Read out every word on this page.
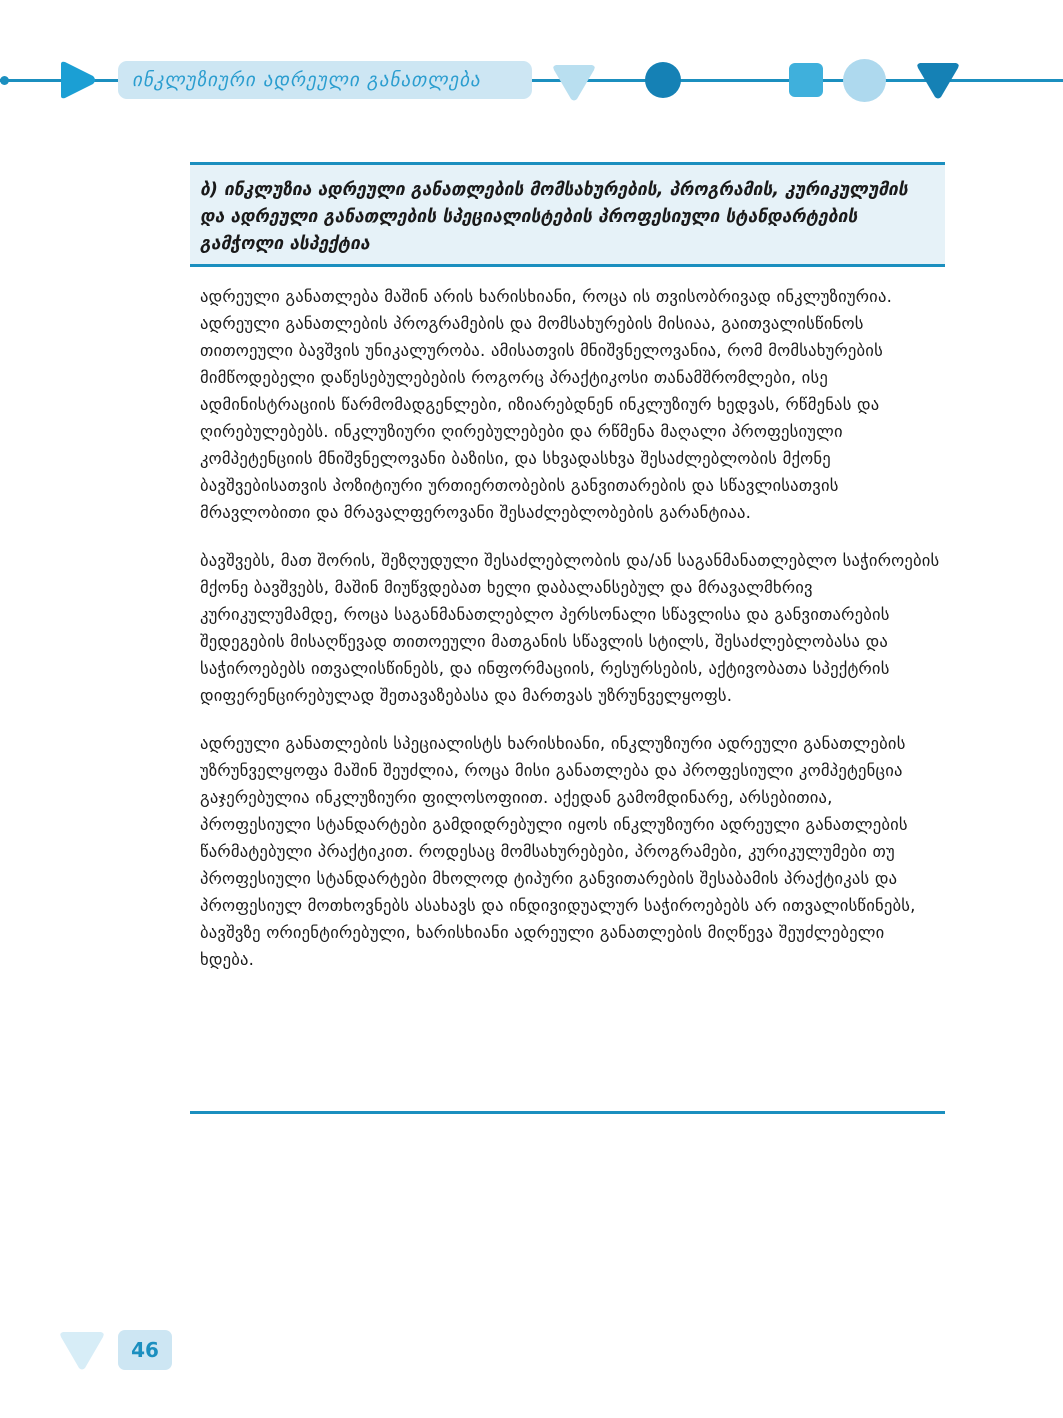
ინკლუზიური ადრეული განათლება
ბ) ინკლუზია ადრეული განათლების მომსახურების, პროგრამის, კურიკულუმის და ადრეული განათლების სპეციალისტების პროფესიული სტანდარტების გამჭოლი ასპექტია

ადრეული განათლება მაშინ არის ხარისხიანი, როცა ის თვისობრივად ინკლუზიურია. ადრეული განათლების პროგრამების და მომსახურების მისიაა, გაითვალისწინოს თითოეული ბავშვის უნიკალურობა. ამისათვის მნიშვნელოვანია, რომ მომსახურების მიმწოდებელი დაწესებულებების როგორც პრაქტიკოსი თანამშრომლები, ისე ადმინისტრაციის წარმომადგენლები, იზიარებდნენ ინკლუზიურ ხედვას, რწმენას და ღირებულებებს. ინკლუზიური ღირებულებები და რწმენა მაღალი პროფესიული კომპეტენციის მნიშვნელოვანი ბაზისი, და სხვადასხვა შესაძლებლობის მქონე ბავშვებისათვის პოზიტიური ურთიერთობების განვითარების და სწავლისათვის მრავლობითი და მრავალფეროვანი შესაძლებლობების გარანტიაა.

ბავშვებს, მათ შორის, შეზღუდული შესაძლებლობის და/ან საგანმანათლებლო საჭიროების მქონე ბავშვებს, მაშინ მიუწვდებათ ხელი დაბალანსებულ და მრავალმხრივ კურიკულუმამდე, როცა საგანმანათლებლო პერსონალი სწავლისა და განვითარების შედეგების მისაღწევად თითოეული მათგანის სწავლის სტილს, შესაძლებლობასა და საჭიროებებს ითვალისწინებს, და ინფორმაციის, რესურსების, აქტივობათა სპექტრის დიფერენცირებულად შეთავაზებასა და მართვას უზრუნველყოფს.

ადრეული განათლების სპეციალისტს ხარისხიანი, ინკლუზიური ადრეული განათლების უზრუნველყოფა მაშინ შეუძლია, როცა მისი განათლება და პროფესიული კომპეტენცია გაჯერებულია ინკლუზიური ფილოსოფიით. აქედან გამომდინარე, არსებითია, პროფესიული სტანდარტები გამდიდრებული იყოს ინკლუზიური ადრეული განათლების წარმატებული პრაქტიკით. როდესაც მომსახურებები, პროგრამები, კურიკულუმები თუ პროფესიული სტანდარტები მხოლოდ ტიპური განვითარების შესაბამის პრაქტიკას და პროფესიულ მოთხოვნებს ასახავს და ინდივიდუალურ საჭიროებებს არ ითვალისწინებს, ბავშვზე ორიენტირებული, ხარისხიანი ადრეული განათლების მიღწევა შეუძლებელი ხდება.

46
